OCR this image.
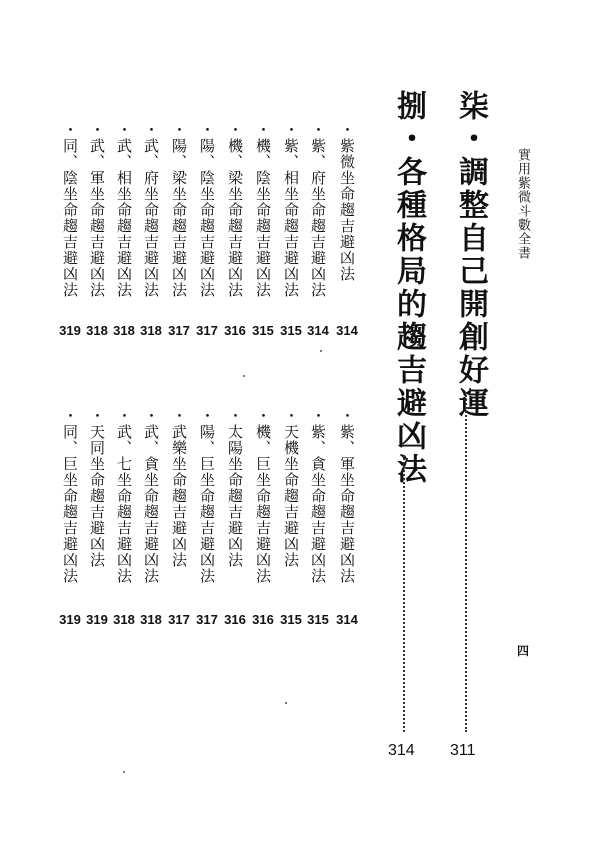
實用紫微斗數全書
四
柒・調整自己開創好運
311
捌・各種格局的趨吉避凶法
314
・紫微坐命趨吉避凶法
314
・紫、府坐命趨吉避凶法
314
・紫、相坐命趨吉避凶法
315
・機、陰坐命趨吉避凶法
315
・機、梁坐命趨吉避凶法
316
・陽、陰坐命趨吉避凶法
317
・陽、梁坐命趨吉避凶法
317
・武、府坐命趨吉避凶法
318
・武、相坐命趨吉避凶法
318
・武、軍坐命趨吉避凶法
318
・同、陰坐命趨吉避凶法
319
・紫、軍坐命趨吉避凶法
314
・紫、貪坐命趨吉避凶法
315
・天機坐命趨吉避凶法
315
・機、巨坐命趨吉避凶法
316
・太陽坐命趨吉避凶法
316
・陽、巨坐命趨吉避凶法
317
・武樂坐命趨吉避凶法
317
・武、貪坐命趨吉避凶法
318
・武、七坐命趨吉避凶法
318
・天同坐命趨吉避凶法
319
・同、巨坐命趨吉避凶法
319
